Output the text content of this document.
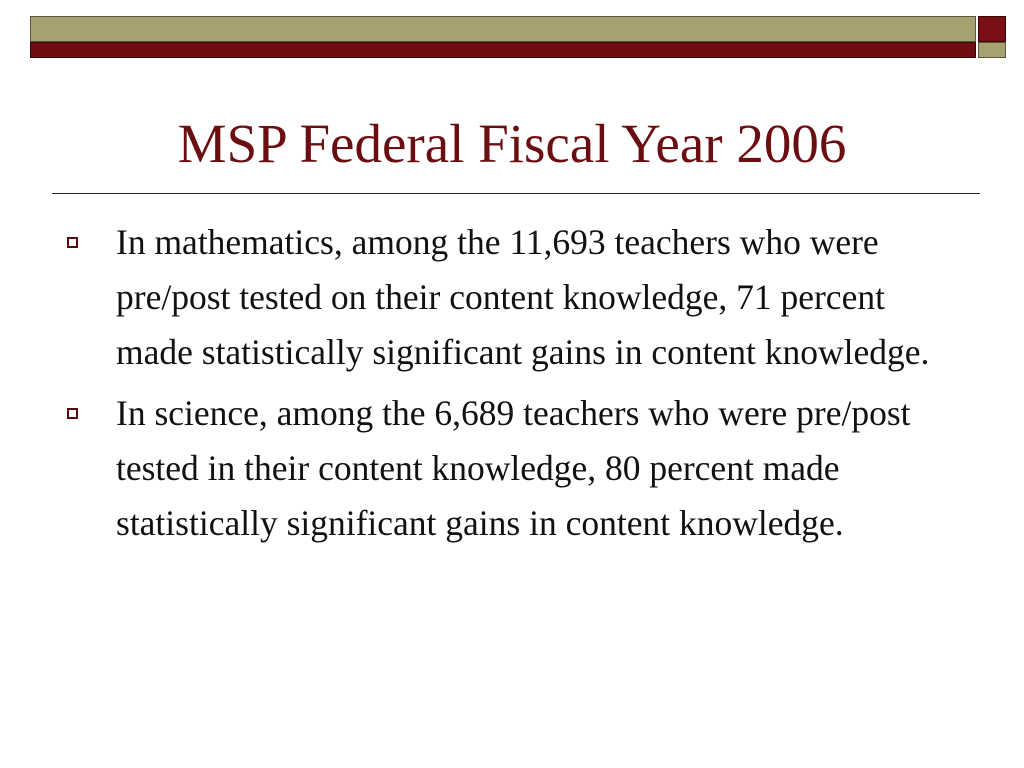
MSP Federal Fiscal Year 2006
In mathematics, among the 11,693 teachers who were pre/post tested on their content knowledge, 71 percent made statistically significant gains in content knowledge.
In science, among the 6,689 teachers who were pre/post tested in their content knowledge, 80 percent made statistically significant gains in content knowledge.
